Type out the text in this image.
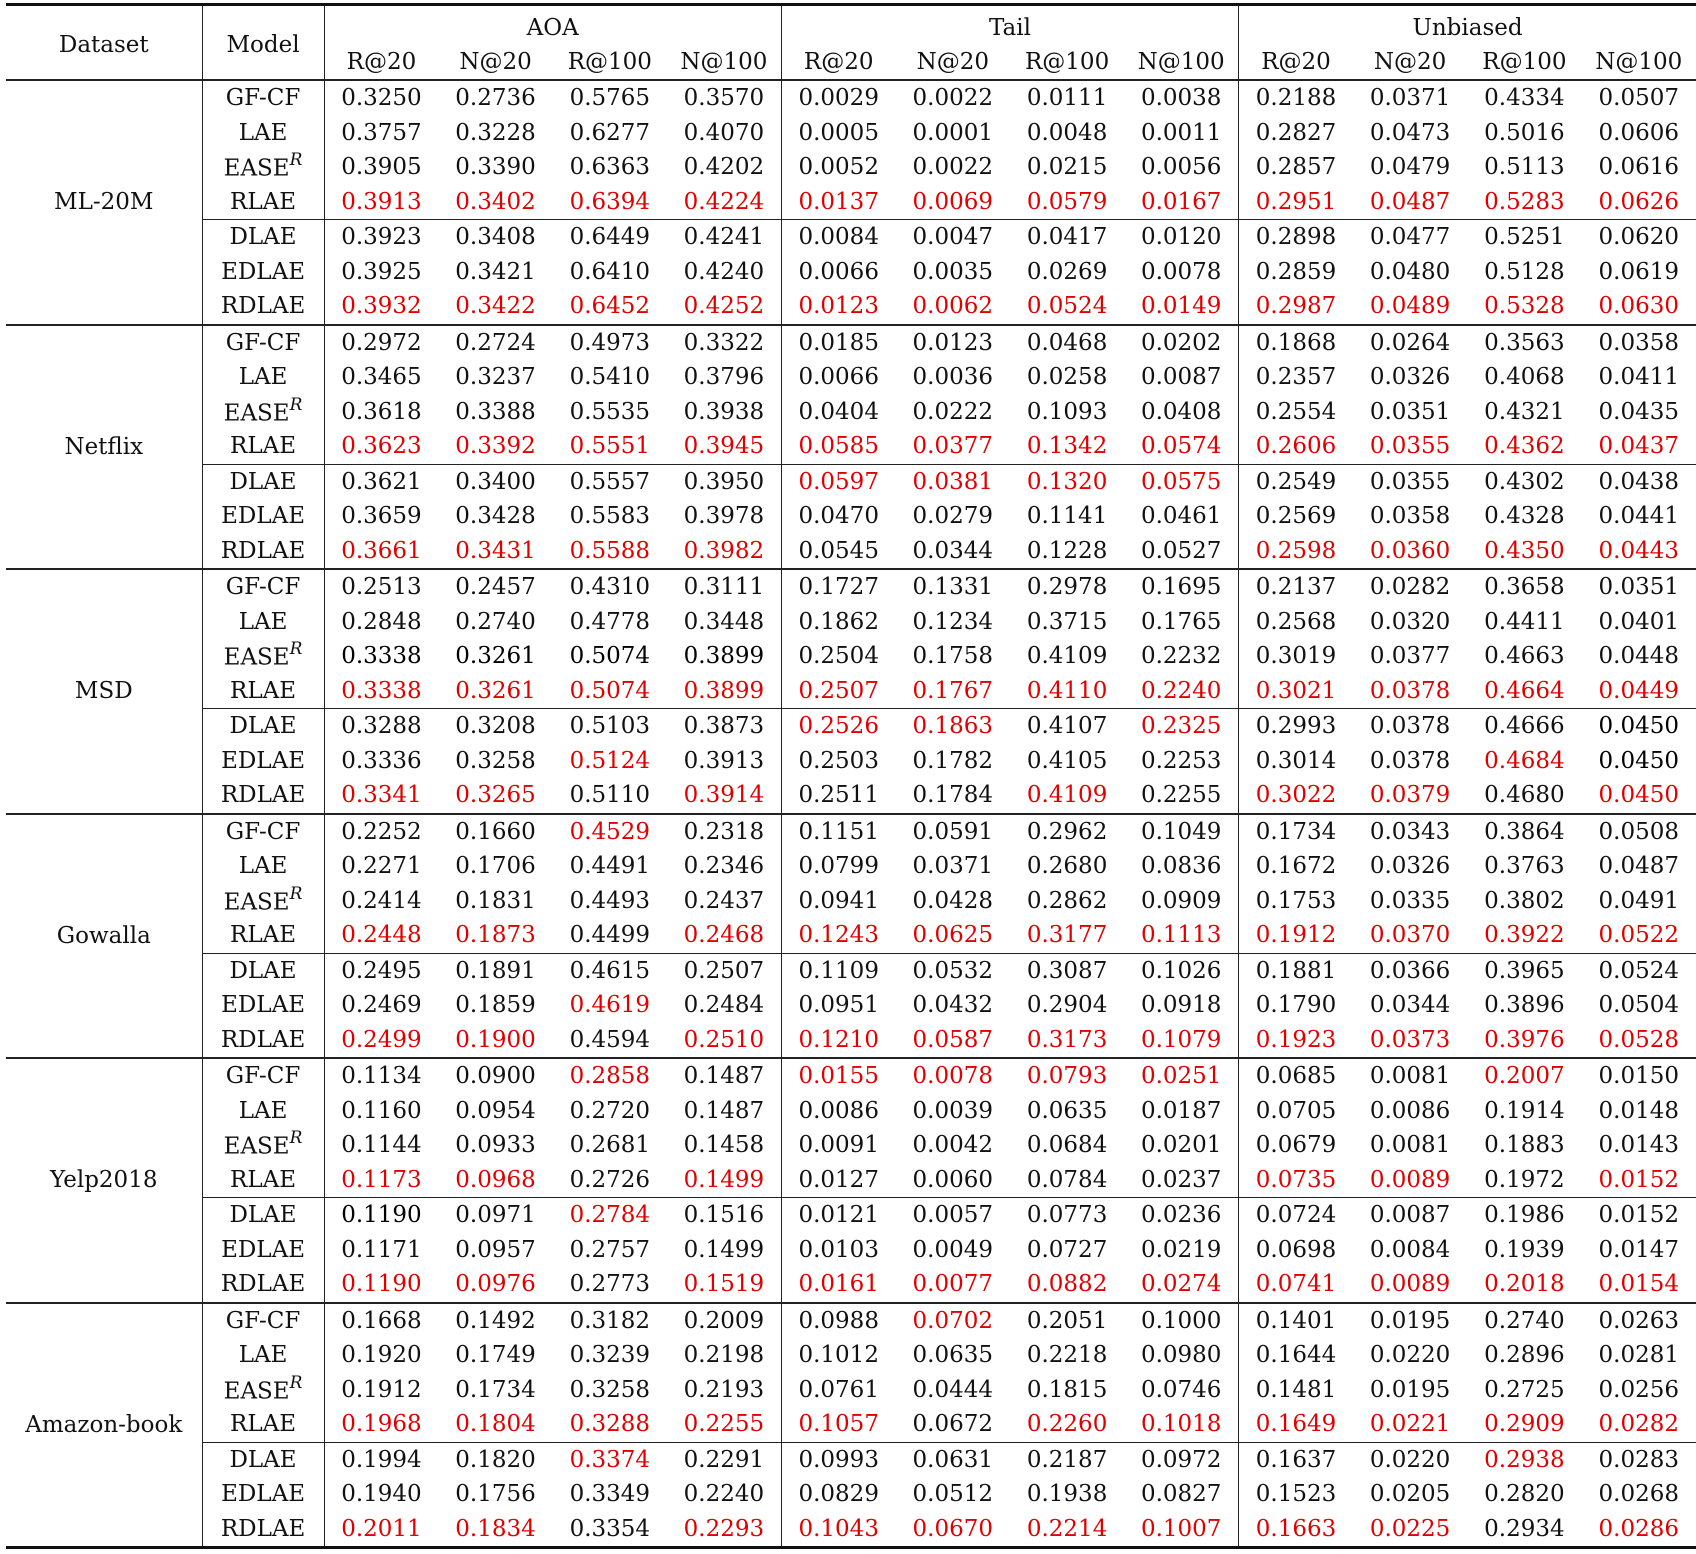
Dataset	Model	AOA				Tail				Unbiased			
		R@20	N@20	R@100	N@100	R@20	N@20	R@100	N@100	R@20	N@20	R@100	N@100
ML-20M	GF-CF	0.3250	0.2736	0.5765	0.3570	0.0029	0.0022	0.0111	0.0038	0.2188	0.0371	0.4334	0.0507
	LAE	0.3757	0.3228	0.6277	0.4070	0.0005	0.0001	0.0048	0.0011	0.2827	0.0473	0.5016	0.0606
	$EASE^R$	0.3905	0.3390	0.6363	0.4202	0.0052	0.0022	0.0215	0.0056	0.2857	0.0479	0.5113	0.0616
	RLAE	0.3913	0.3402	0.6394	0.4224	0.0137	0.0069	0.0579	0.0167	0.2951	0.0487	0.5283	0.0626
	DLAE	0.3923	0.3408	0.6449	0.4241	0.0084	0.0047	0.0417	0.0120	0.2898	0.0477	0.5251	0.0620
	EDLAE	0.3925	0.3421	0.6410	0.4240	0.0066	0.0035	0.0269	0.0078	0.2859	0.0480	0.5128	0.0619
	RDLAE	0.3932	0.3422	0.6452	0.4252	0.0123	0.0062	0.0524	0.0149	0.2987	0.0489	0.5328	0.0630
Netflix	GF-CF	0.2972	0.2724	0.4973	0.3322	0.0185	0.0123	0.0468	0.0202	0.1868	0.0264	0.3563	0.0358
	LAE	0.3465	0.3237	0.5410	0.3796	0.0066	0.0036	0.0258	0.0087	0.2357	0.0326	0.4068	0.0411
	$EASE^R$	0.3618	0.3388	0.5535	0.3938	0.0404	0.0222	0.1093	0.0408	0.2554	0.0351	0.4321	0.0435
	RLAE	0.3623	0.3392	0.5551	0.3945	0.0585	0.0377	0.1342	0.0574	0.2606	0.0355	0.4362	0.0437
	DLAE	0.3621	0.3400	0.5557	0.3950	0.0597	0.0381	0.1320	0.0575	0.2549	0.0355	0.4302	0.0438
	EDLAE	0.3659	0.3428	0.5583	0.3978	0.0470	0.0279	0.1141	0.0461	0.2569	0.0358	0.4328	0.0441
	RDLAE	0.3661	0.3431	0.5588	0.3982	0.0545	0.0344	0.1228	0.0527	0.2598	0.0360	0.4350	0.0443
MSD	GF-CF	0.2513	0.2457	0.4310	0.3111	0.1727	0.1331	0.2978	0.1695	0.2137	0.0282	0.3658	0.0351
	LAE	0.2848	0.2740	0.4778	0.3448	0.1862	0.1234	0.3715	0.1765	0.2568	0.0320	0.4411	0.0401
	$EASE^R$	0.3338	0.3261	0.5074	0.3899	0.2504	0.1758	0.4109	0.2232	0.3019	0.0377	0.4663	0.0448
	RLAE	0.3338	0.3261	0.5074	0.3899	0.2507	0.1767	0.4110	0.2240	0.3021	0.0378	0.4664	0.0449
	DLAE	0.3288	0.3208	0.5103	0.3873	0.2526	0.1863	0.4107	0.2325	0.2993	0.0378	0.4666	0.0450
	EDLAE	0.3336	0.3258	0.5124	0.3913	0.2503	0.1782	0.4105	0.2253	0.3014	0.0378	0.4684	0.0450
	RDLAE	0.3341	0.3265	0.5110	0.3914	0.2511	0.1784	0.4109	0.2255	0.3022	0.0379	0.4680	0.0450
Gowalla	GF-CF	0.2252	0.1660	0.4529	0.2318	0.1151	0.0591	0.2962	0.1049	0.1734	0.0343	0.3864	0.0508
	LAE	0.2271	0.1706	0.4491	0.2346	0.0799	0.0371	0.2680	0.0836	0.1672	0.0326	0.3763	0.0487
	$EASE^R$	0.2414	0.1831	0.4493	0.2437	0.0941	0.0428	0.2862	0.0909	0.1753	0.0335	0.3802	0.0491
	RLAE	0.2448	0.1873	0.4499	0.2468	0.1243	0.0625	0.3177	0.1113	0.1912	0.0370	0.3922	0.0522
	DLAE	0.2495	0.1891	0.4615	0.2507	0.1109	0.0532	0.3087	0.1026	0.1881	0.0366	0.3965	0.0524
	EDLAE	0.2469	0.1859	0.4619	0.2484	0.0951	0.0432	0.2904	0.0918	0.1790	0.0344	0.3896	0.0504
	RDLAE	0.2499	0.1900	0.4594	0.2510	0.1210	0.0587	0.3173	0.1079	0.1923	0.0373	0.3976	0.0528
Yelp2018	GF-CF	0.1134	0.0900	0.2858	0.1487	0.0155	0.0078	0.0793	0.0251	0.0685	0.0081	0.2007	0.0150
	LAE	0.1160	0.0954	0.2720	0.1487	0.0086	0.0039	0.0635	0.0187	0.0705	0.0086	0.1914	0.0148
	$EASE^R$	0.1144	0.0933	0.2681	0.1458	0.0091	0.0042	0.0684	0.0201	0.0679	0.0081	0.1883	0.0143
	RLAE	0.1173	0.0968	0.2726	0.1499	0.0127	0.0060	0.0784	0.0237	0.0735	0.0089	0.1972	0.0152
	DLAE	0.1190	0.0971	0.2784	0.1516	0.0121	0.0057	0.0773	0.0236	0.0724	0.0087	0.1986	0.0152
	EDLAE	0.1171	0.0957	0.2757	0.1499	0.0103	0.0049	0.0727	0.0219	0.0698	0.0084	0.1939	0.0147
	RDLAE	0.1190	0.0976	0.2773	0.1519	0.0161	0.0077	0.0882	0.0274	0.0741	0.0089	0.2018	0.0154
Amazon-book	GF-CF	0.1668	0.1492	0.3182	0.2009	0.0988	0.0702	0.2051	0.1000	0.1401	0.0195	0.2740	0.0263
	LAE	0.1920	0.1749	0.3239	0.2198	0.1012	0.0635	0.2218	0.0980	0.1644	0.0220	0.2896	0.0281
	$EASE^R$	0.1912	0.1734	0.3258	0.2193	0.0761	0.0444	0.1815	0.0746	0.1481	0.0195	0.2725	0.0256
	RLAE	0.1968	0.1804	0.3288	0.2255	0.1057	0.0672	0.2260	0.1018	0.1649	0.0221	0.2909	0.0282
	DLAE	0.1994	0.1820	0.3374	0.2291	0.0993	0.0631	0.2187	0.0972	0.1637	0.0220	0.2938	0.0283
	EDLAE	0.1940	0.1756	0.3349	0.2240	0.0829	0.0512	0.1938	0.0827	0.1523	0.0205	0.2820	0.0268
	RDLAE	0.2011	0.1834	0.3354	0.2293	0.1043	0.0670	0.2214	0.1007	0.1663	0.0225	0.2934	0.0286
